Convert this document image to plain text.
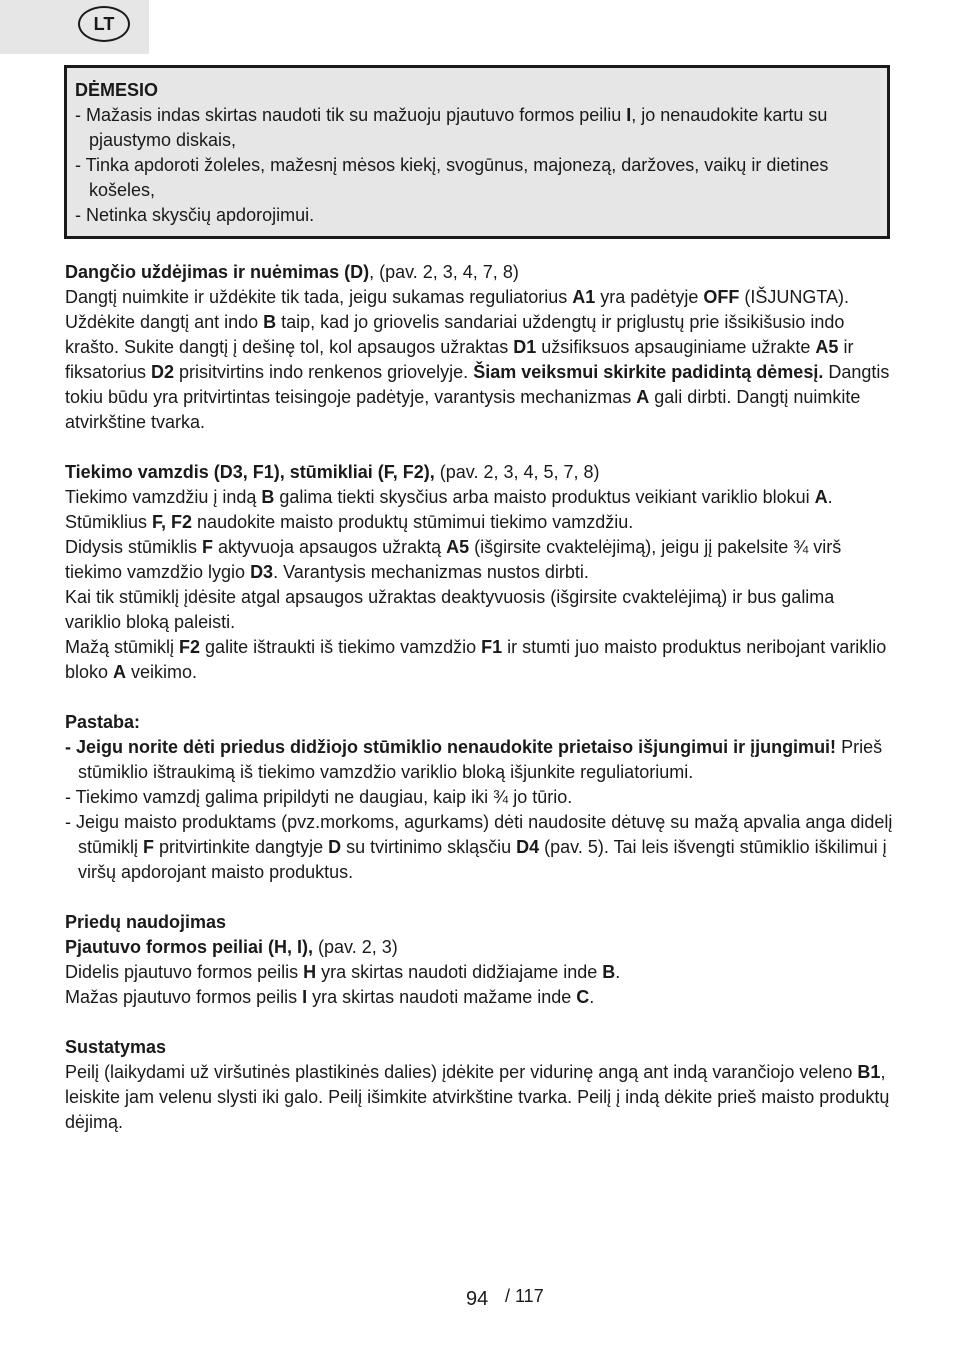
LT
DĖMESIO
- Mažasis indas skirtas naudoti tik su mažuoju pjautuvo formos peiliu I, jo nenaudokite kartu su pjaustymo diskais,
- Tinka apdoroti žoleles, mažesnį mėsos kiekį, svogūnus, majonezą, daržoves, vaikų ir dietines košeles,
- Netinka skysčių apdorojimui.

Dangčio uždėjimas ir nuėmimas (D), (pav. 2, 3, 4, 7, 8)

Dangtį nuimkite ir uždėkite tik tada, jeigu sukamas reguliatorius A1 yra padėtyje OFF (IŠJUNGTA).

Uždėkite dangtį ant indo B taip, kad jo griovelis sandariai uždengtų ir priglustų prie išsikišusio indo krašto. Sukite dangtį į dešinę tol, kol apsaugos užraktas D1 užsifiksuos apsauginiame užrakte A5 ir fiksatorius D2 prisitvirtins indo renkenos griovelyje. Šiam veiksmui skirkite padidintą dėmesį. Dangtis tokiu būdu yra pritvirtintas teisingoje padėtyje, varantysis mechanizmas A gali dirbti. Dangtį nuimkite atvirkštine tvarka.

Tiekimo vamzdis (D3, F1), stūmikliai (F, F2), (pav. 2, 3, 4, 5, 7, 8)

Tiekimo vamzdžiu į indą B galima tiekti skysčius arba maisto produktus veikiant variklio blokui A.

Stūmiklius F, F2 naudokite maisto produktų stūmimui tiekimo vamzdžiu.

Didysis stūmiklis F aktyvuoja apsaugos užraktą A5 (išgirsite cvaktelėjimą), jeigu jį pakelsite ¾ virš tiekimo vamzdžio lygio D3. Varantysis mechanizmas nustos dirbti.

Kai tik stūmiklį įdėsite atgal apsaugos užraktas deaktyvuosis (išgirsite cvaktelėjimą) ir bus galima variklio bloką paleisti.

Mažą stūmiklį F2 galite ištraukti iš tiekimo vamzdžio F1 ir stumti juo maisto produktus neribojant variklio bloko A veikimo.

Pastaba:

- Jeigu norite dėti priedus didžiojo stūmiklio nenaudokite prietaiso išjungimui ir įjungimui! Prieš stūmiklio ištraukimą iš tiekimo vamzdžio variklio bloką išjunkite reguliatoriumi.

- Tiekimo vamzdį galima pripildyti ne daugiau, kaip iki ¾ jo tūrio.

- Jeigu maisto produktams (pvz.morkoms, agurkams) dėti naudosite dėtuvę su mažą apvalia anga didelį stūmiklį F pritvirtinkite dangtyje D su tvirtinimo skląsčiu D4 (pav. 5). Tai leis išvengti stūmiklio iškilimui į viršų apdorojant maisto produktus.

Priedų naudojimas

Pjautuvo formos peiliai (H, I), (pav. 2, 3)

Didelis pjautuvo formos peilis H yra skirtas naudoti didžiajame inde B.

Mažas pjautuvo formos peilis I yra skirtas naudoti mažame inde C.

Sustatymas

Peilį (laikydami už viršutinės plastikinės dalies) įdėkite per vidurinę angą ant indą varančiojo veleno B1, leiskite jam velenu slysti iki galo. Peilį išimkite atvirkštine tvarka. Peilį į indą dėkite prieš maisto produktų dėjimą.

94 / 117
